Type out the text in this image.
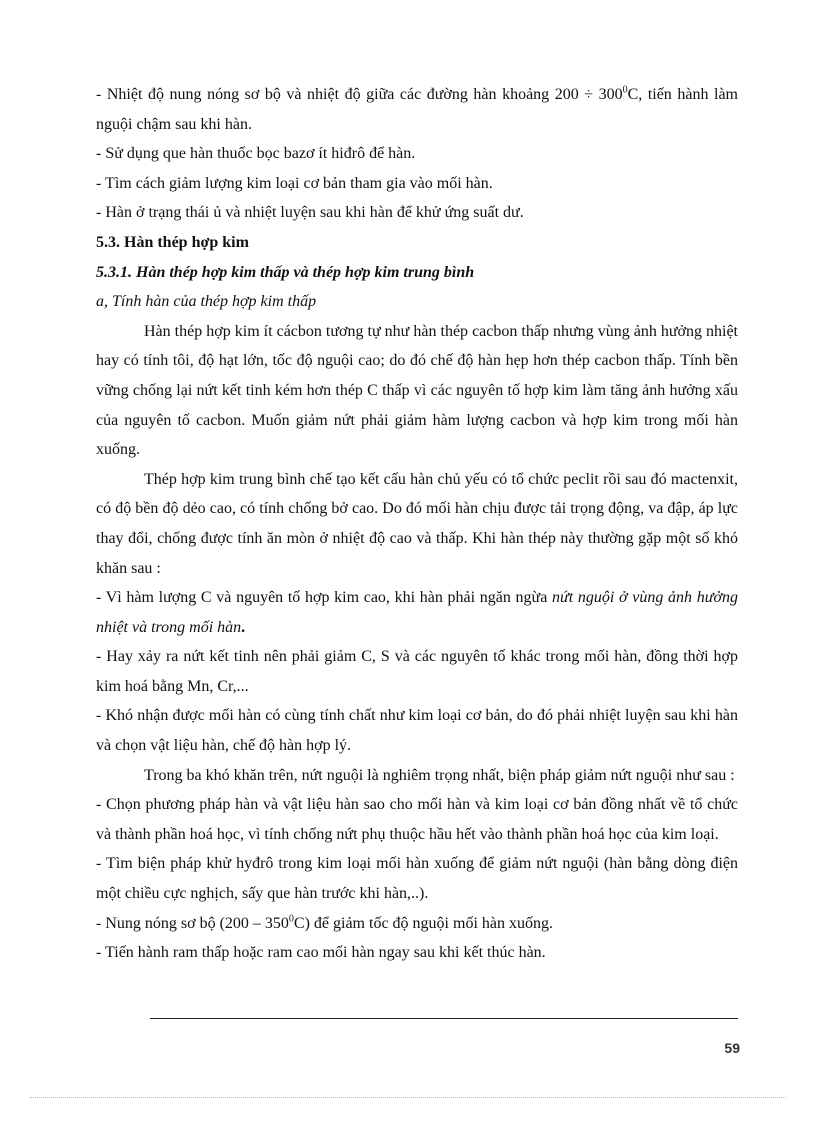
- Nhiệt độ nung nóng sơ bộ và nhiệt độ giữa các đường hàn khoảng $200 \div 300^0C$, tiến hành làm nguội chậm sau khi hàn.

- Sử dụng que hàn thuốc bọc bazơ ít hiđrô để hàn.

- Tìm cách giảm lượng kim loại cơ bản tham gia vào mối hàn.

- Hàn ở trạng thái ủ và nhiệt luyện sau khi hàn để khử ứng suất dư.

5.3. Hàn thép hợp kim

5.3.1. Hàn thép hợp kim thấp và thép hợp kim trung bình

a, Tính hàn của thép hợp kim thấp

Hàn thép hợp kim ít cácbon tương tự như hàn thép cacbon thấp nhưng vùng ảnh hưởng nhiệt hay có tính tôi, độ hạt lớn, tốc độ nguội cao; do đó chế độ hàn hẹp hơn thép cacbon thấp. Tính bền vững chống lại nứt kết tinh kém hơn thép C thấp vì các nguyên tố hợp kim làm tăng ảnh hưởng xấu của nguyên tố cacbon. Muốn giảm nứt phải giảm hàm lượng cacbon và hợp kim trong mối hàn xuống.

Thép hợp kim trung bình chế tạo kết cấu hàn chủ yếu có tổ chức peclit rồi sau đó mactenxit, có độ bền độ dẻo cao, có tính chống bở cao. Do đó mối hàn chịu được tải trọng động, va đập, áp lực thay đổi, chống được tính ăn mòn ở nhiệt độ cao và thấp. Khi hàn thép này thường gặp một số khó khăn sau :

- Vì hàm lượng C và nguyên tố hợp kim cao, khi hàn phải ngăn ngừa nứt nguội ở vùng ảnh hưởng nhiệt và trong mối hàn.

- Hay xảy ra nứt kết tinh nên phải giảm C, S và các nguyên tố khác trong mối hàn, đồng thời hợp kim hoá bằng Mn, Cr,...

- Khó nhận được mối hàn có cùng tính chất như kim loại cơ bản, do đó phải nhiệt luyện sau khi hàn và chọn vật liệu hàn, chế độ hàn hợp lý.

Trong ba khó khăn trên, nứt nguội là nghiêm trọng nhất, biện pháp giảm nứt nguội như sau :

- Chọn phương pháp hàn và vật liệu hàn sao cho mối hàn và kim loại cơ bản đồng nhất về tổ chức và thành phần hoá học, vì tính chống nứt phụ thuộc hầu hết vào thành phần hoá học của kim loại.

- Tìm biện pháp khử hyđrô trong kim loại mối hàn xuống để giảm nứt nguội (hàn bằng dòng điện một chiều cực nghịch, sấy que hàn trước khi hàn,..).

- Nung nóng sơ bộ $(200 - 350^0C)$ để giảm tốc độ nguội mối hàn xuống.

- Tiến hành ram thấp hoặc ram cao mối hàn ngay sau khi kết thúc hàn.

59
